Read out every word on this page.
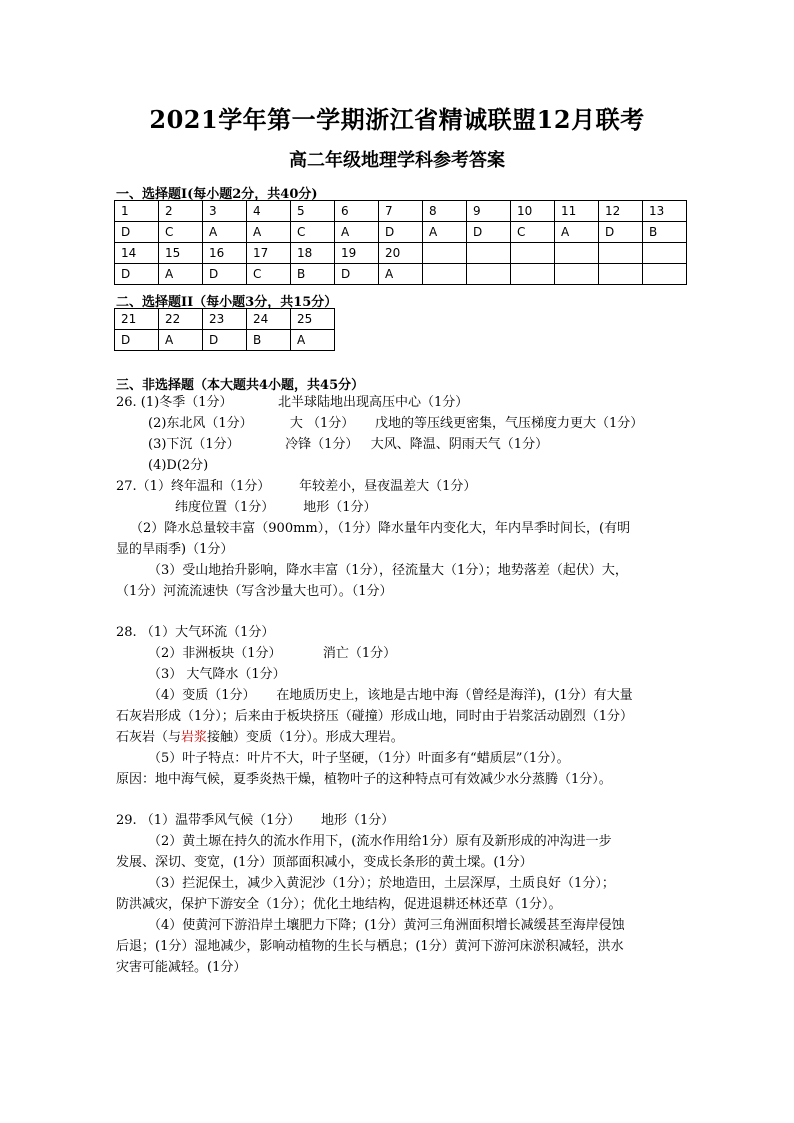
2021学年第一学期浙江省精诚联盟12月联考
高二年级地理学科参考答案
一、选择题I(每小题2分，共40分)
1	2	3	4	5	6	7	8	9	10	11	12	13
D	C	A	A	C	A	D	A	D	C	A	D	B
14	15	16	17	18	19	20						
D	A	D	C	B	D	A						
二、选择题II（每小题3分，共15分）
21	22	23	24	25
D	A	D	B	A
三、非选择题（本大题共4小题，共45分）
26. (1)冬季（1分）           北半球陆地出现高压中心（1分）
(2)东北风（1分）         大 （1分）     戊地的等压线更密集，气压梯度力更大（1分）
(3)下沉（1分）           冷锋（1分）   大风、降温、阴雨天气（1分）
(4)D(2分)
27.（1）终年温和（1分）       年较差小，昼夜温差大（1分）
纬度位置（1分）       地形（1分）
（2）降水总量较丰富（900mm），（1分）降水量年内变化大，年内旱季时间长，(有明
显的旱雨季)（1分）
（3）受山地抬升影响，降水丰富（1分），径流量大（1分）；地势落差（起伏）大，
（1分）河流流速快（写含沙量大也可）。（1分）
28. （1）大气环流（1分）
（2）非洲板块（1分）          消亡（1分）
（3） 大气降水（1分）
（4）变质（1分）     在地质历史上，该地是古地中海（曾经是海洋)，(1分）有大量
石灰岩形成（1分）；后来由于板块挤压（碰撞）形成山地，同时由于岩浆活动剧烈（1分）
石灰岩（与岩浆接触）变质（1分）。形成大理岩。
（5）叶子特点：叶片不大，叶子坚硬，（1分）叶面多有“蜡质层”（1分）。
原因：地中海气候，夏季炎热干燥，植物叶子的这种特点可有效减少水分蒸腾（1分）。
29. （1）温带季风气候（1分）     地形（1分）
（2）黄土塬在持久的流水作用下，(流水作用给1分）原有及新形成的冲沟进一步
发展、深切、变宽，(1分）顶部面积减小，变成长条形的黄土墚。(1分）
（3）拦泥保土，减少入黄泥沙（1分）；於地造田，土层深厚，土质良好（1分）；
防洪减灾，保护下游安全（1分）；优化土地结构，促进退耕还林还草（1分）。
（4）使黄河下游沿岸土壤肥力下降；(1分）黄河三角洲面积增长减缓甚至海岸侵蚀
后退；(1分）湿地减少，影响动植物的生长与栖息；(1分）黄河下游河床淤积减轻，洪水
灾害可能减轻。(1分）
